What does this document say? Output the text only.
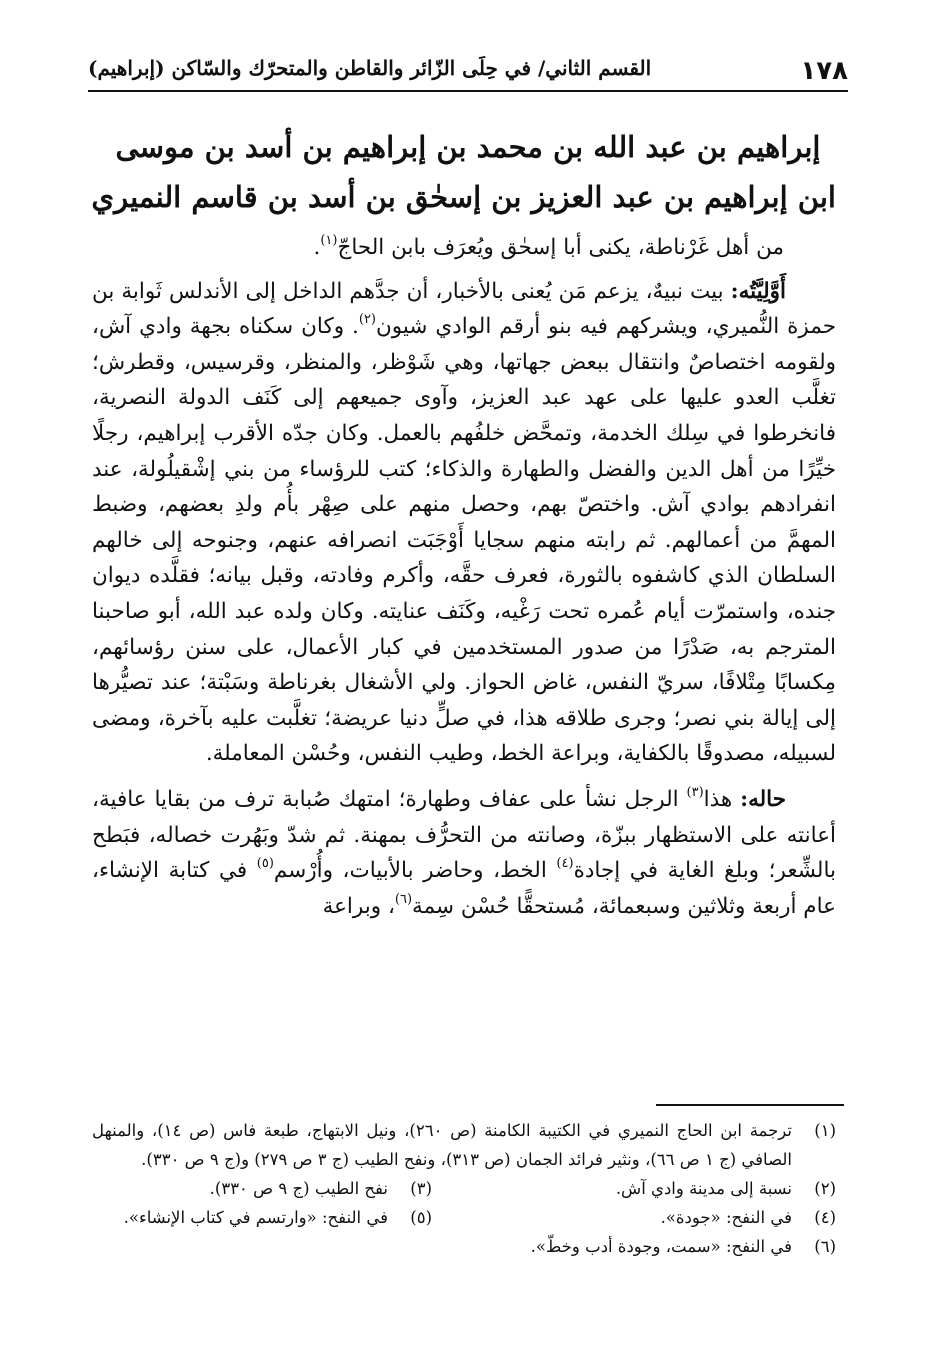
١٧٨
القسم الثاني/ في حِلَى الزّائر والقاطن والمتحرّك والسّاكن (إبراهيم)
إبراهيم بن عبد الله بن محمد بن إبراهيم بن أسد بن موسى
ابن إبراهيم بن عبد العزيز بن إسحٰق بن أسد بن قاسم النميري

من أهل غَرْناطة، يكنى أبا إسحٰق ويُعرَف بابن الحاجّ$^{(١)}$.

أَوَّلِيَّتُه: بيت نبيهٌ، يزعم مَن يُعنى بالأخبار، أن جدَّهم الداخل إلى الأندلس ثَوابة بن حمزة النُّميري، ويشركهم فيه بنو أرقم الوادي شيون$^{(٢)}$. وكان سكناه بجهة وادي آش، ولقومه اختصاصٌ وانتقال ببعض جهاتها، وهي شَوْظر، والمنظر، وقرسيس، وقطرش؛ تغلَّب العدو عليها على عهد عبد العزيز، وآوى جميعهم إلى كَنَف الدولة النصرية، فانخرطوا في سِلك الخدمة، وتمحَّض خلفُهم بالعمل. وكان جدّه الأقرب إبراهيم، رجلًا خيِّرًا من أهل الدين والفضل والطهارة والذكاء؛ كتب للرؤساء من بني إشْقيلُولة، عند انفرادهم بوادي آش. واختصّ بهم، وحصل منهم على صِهْر بأُم ولدِ بعضهم، وضبط المهمَّ من أعمالهم. ثم رابته منهم سجايا أَوْجَبَت انصرافه عنهم، وجنوحه إلى خالهم السلطان الذي كاشفوه بالثورة، فعرف حقَّه، وأكرم وفادته، وقبل بيانه؛ فقلَّده ديوان جنده، واستمرّت أيام عُمره تحت رَغْيه، وكَنَف عنايته. وكان ولده عبد الله، أبو صاحبنا المترجم به، صَدْرًا من صدور المستخدمين في كبار الأعمال، على سنن رؤسائهم، مِكسابًا مِتْلافًا، سريّ النفس، غاض الحواز. ولي الأشغال بغرناطة وسَبْتة؛ عند تصيُّرها إلى إيالة بني نصر؛ وجرى طلاقه هذا، في صلٍّ دنيا عريضة؛ تغلَّبت عليه بآخرة، ومضى لسبيله، مصدوقًا بالكفاية، وبراعة الخط، وطيب النفس، وحُسْن المعاملة.

حاله: هذا$^{(٣)}$ الرجل نشأ على عفاف وطهارة؛ امتهك صُبابة ترف من بقايا عافية، أعانته على الاستظهار ببزّة، وصانته من التحرُّف بمهنة. ثم شدّ وبَهُرت خصاله، فبَطح بالشِّعر؛ وبلغ الغاية في إجادة$^{(٤)}$ الخط، وحاضر بالأبيات، وأُرْسم$^{(٥)}$ في كتابة الإنشاء، عام أربعة وثلاثين وسبعمائة، مُستحقًّا حُسْن سِمة$^{(٦)}$، وبراعة

(١)
ترجمة ابن الحاج النميري في الكتيبة الكامنة (ص ٢٦٠)، ونيل الابتهاج، طبعة فاس (ص ١٤)، والمنهل الصافي (ج ١ ص ٦٦)، ونثير فرائد الجمان (ص ٣١٣)، ونفح الطيب (ج ٣ ص ٢٧٩) و(ج ٩ ص ٣٣٠).
(٢)
نسبة إلى مدينة وادي آش.
(٣)
نفح الطيب (ج ٩ ص ٣٣٠).
(٤)
في النفح: «جودة».
(٥)
في النفح: «وارتسم في كتاب الإنشاء».
(٦)
في النفح: «سمت، وجودة أدب وخطّ».
